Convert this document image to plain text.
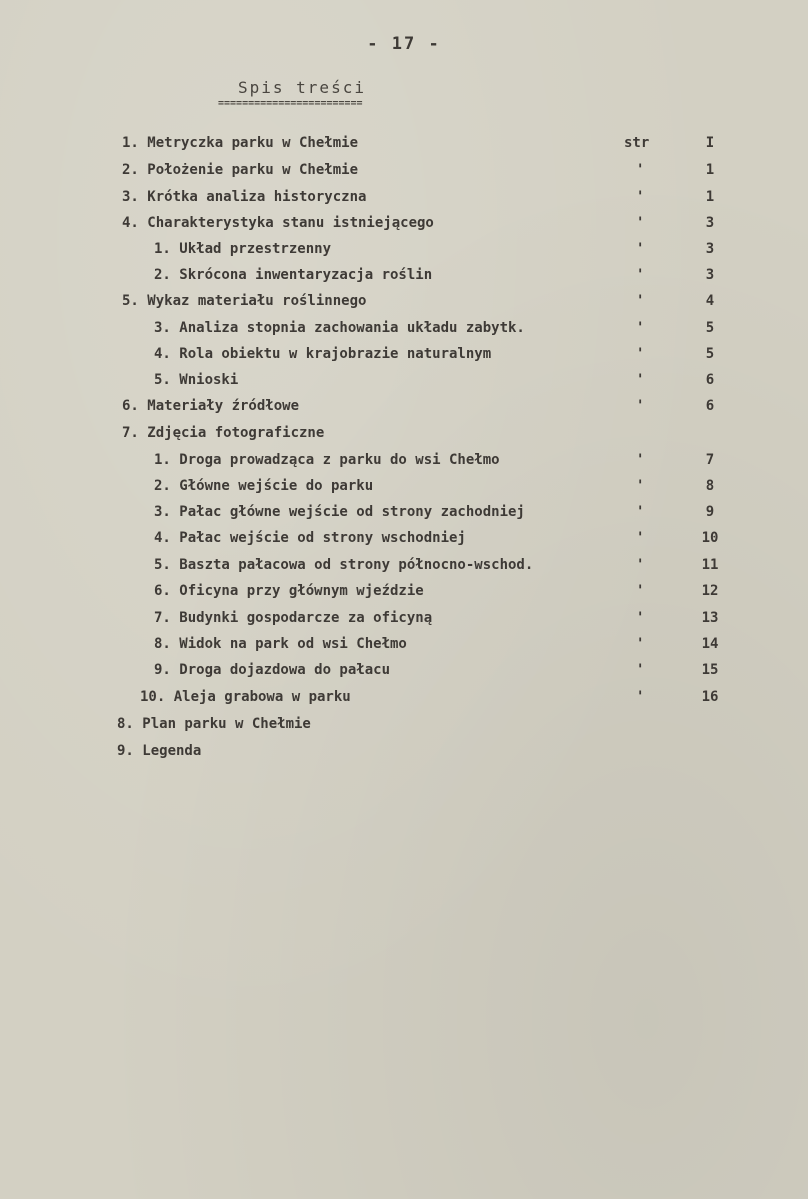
- 17 -
Spis treści
========================
1. Metryczka parku w Chełmie	str	I
2. Położenie parku w Chełmie	'	1
3. Krótka analiza historyczna	'	1
4. Charakterystyka stanu istniejącego	'	3
1. Układ przestrzenny	'	3
2. Skrócona inwentaryzacja roślin	'	3
5. Wykaz materiału roślinnego	'	4
3. Analiza stopnia zachowania układu zabytk.	'	5
4. Rola obiektu w krajobrazie naturalnym	'	5
5. Wnioski	'	6
6. Materiały źródłowe	'	6
7. Zdjęcia fotograficzne
1. Droga prowadząca z parku do wsi Chełmo	'	7
2. Główne wejście do parku	'	8
3. Pałac główne wejście od strony zachodniej	'	9
4. Pałac wejście od strony wschodniej	'	10
5. Baszta pałacowa od strony północno-wschod.	'	11
6. Oficyna przy głównym wjeździe	'	12
7. Budynki gospodarcze za oficyną	'	13
8. Widok na park od wsi Chełmo	'	14
9. Droga dojazdowa do pałacu	'	15
10. Aleja grabowa w parku	'	16
8. Plan parku w Chełmie
9. Legenda
